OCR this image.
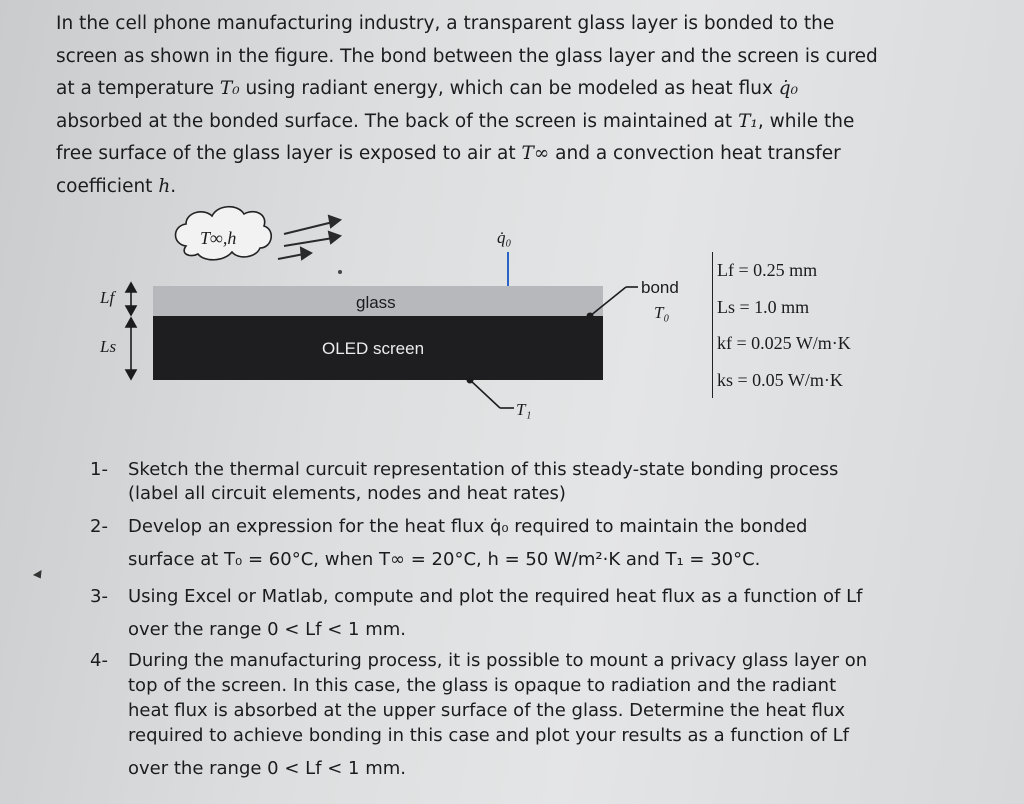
In the cell phone manufacturing industry, a transparent glass layer is bonded to the
screen as shown in the figure. The bond between the glass layer and the screen is cured
at a temperature T₀ using radiant energy, which can be modeled as heat flux q̇₀
absorbed at the bonded surface. The back of the screen is maintained at T₁, while the
free surface of the glass layer is exposed to air at T∞ and a convection heat transfer
coefficient h.
T∞,h	q̇₀
glass
OLED screen
bond
T₀
T₁
Lf
Ls
Lf = 0.25 mm
Ls = 1.0 mm
kf = 0.025 W/m·K
ks = 0.05 W/m·K
1- Sketch the thermal curcuit representation of this steady-state bonding process
(label all circuit elements, nodes and heat rates)
2- Develop an expression for the heat flux q̇₀ required to maintain the bonded
surface at T₀ = 60°C, when T∞ = 20°C, h = 50 W/m²·K and T₁ = 30°C.
3- Using Excel or Matlab, compute and plot the required heat flux as a function of Lf
over the range 0 < Lf < 1 mm.
4- During the manufacturing process, it is possible to mount a privacy glass layer on
top of the screen. In this case, the glass is opaque to radiation and the radiant
heat flux is absorbed at the upper surface of the glass. Determine the heat flux
required to achieve bonding in this case and plot your results as a function of Lf
over the range 0 < Lf < 1 mm.
